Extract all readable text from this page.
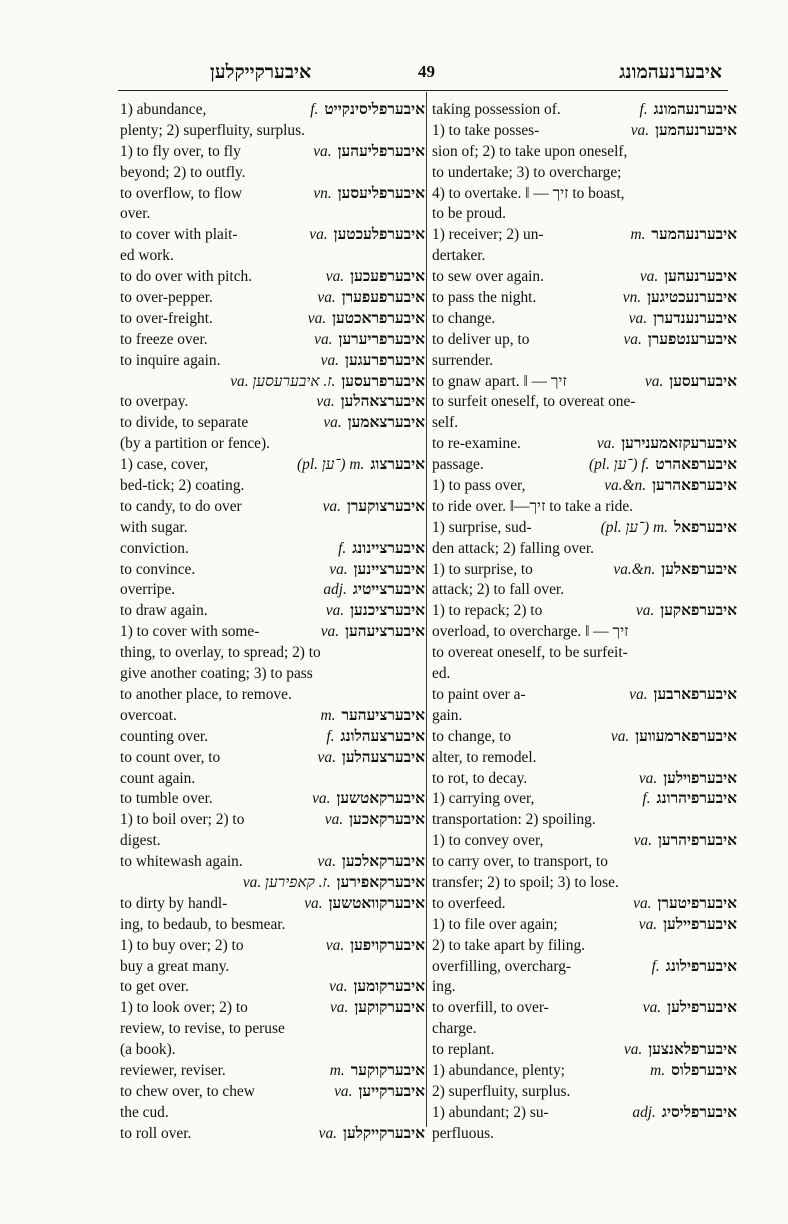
איבערקייקלען	49	איבערנעהמונג
1) abundance,	f. איבערפליסינקייט
plenty; 2) superfluity, surplus.
1) to fly over, to fly	va. איבערפליעהען
beyond; 2) to outfly.
to overflow, to flow	vn. איבערפליעסען
over.
to cover with plait-	va. איבערפלעכטען
ed work.
to do over with pitch.	va. איבערפעכען
to over-pepper.	va. איבערפעפערן
to over-freight.	va. איבערפראכטען
to freeze over.	va. איבערפריערען
to inquire again.	va. איבערפרעגען
va. ז. איבערעסען. איבערפרעסען
to overpay.	va. איבערצאהלען
to divide, to separate	va. איבערצאמען
(by a partition or fence).
1) case, cover,	(pl. ־ען) m. איבערצוג
bed-tick; 2) coating.
to candy, to do over	va. איבערצוקערן
with sugar.
conviction.	f. איבערציינונג
to convince.	va. איבערציינען
overripe.	adj. איבערצייטיג
to draw again.	va. איבערציכנען
1) to cover with some-	va. איבערציעהען
thing, to overlay, to spread; 2) to
give another coating; 3) to pass
to another place, to remove.
overcoat.	m. איבערציעהער
counting over.	f. איבערצעהלונג
to count over, to	va. איבערצעהלען
count again.
to tumble over.	va. איבערקאטשען
1) to boil over; 2) to	va. איבערקאכען
digest.
to whitewash again.	va. איבערקאלכען
va. ז. קאפירען. איבערקאפירען
to dirty by handl-	va. איבערקוואטשען
ing, to bedaub, to besmear.
1) to buy over; 2) to	va. איבערקויפען
buy a great many.
to get over.	va. איבערקומען
1) to look over; 2) to	va. איבערקוקען
review, to revise, to peruse
(a book).
reviewer, reviser.	m. איבערקוקער
to chew over, to chew	va. איבערקייען
the cud.
to roll over.	va. איבערקייקלען
taking possession of.	f. איבערנעהמונג
1) to take posses-	va. איבערנעהמען
sion of; 2) to take upon oneself,
to undertake; 3) to overcharge;
4) to overtake. ‖ — זיך to boast,
to be proud.
1) receiver; 2) un-	m. איבערנעהמער
dertaker.
to sew over again.	va. איבערנעהען
to pass the night.	vn. איבערנעכטיגען
to change.	va. איבערנענדערן
to deliver up, to	va. איבערענטפערן
surrender.
to gnaw apart. ‖ — זיך	va. איבערעסען
to surfeit oneself, to overeat one-
self.
to re-examine.	va. איבערעקזאמענירען
passage.	(pl. ־ען) f. איבערפאהרט
1) to pass over,	va.&n. איבערפאהרען
to ride over. ‖—זיך to take a ride.
1) surprise, sud-	(pl. ־ען) m. איבערפאל
den attack; 2) falling over.
1) to surprise, to	va.&n. איבערפאלען
attack; 2) to fall over.
1) to repack; 2) to	va. איבערפאקען
overload, to overcharge. ‖ — זיך
to overeat oneself, to be surfeit-
ed.
to paint over a-	va. איבערפארבען
gain.
to change, to	va. איבערפארמעווען
alter, to remodel.
to rot, to decay.	va. איבערפוילען
1) carrying over,	f. איבערפיהרונג
transportation: 2) spoiling.
1) to convey over,	va. איבערפיהרען
to carry over, to transport, to
transfer; 2) to spoil; 3) to lose.
to overfeed.	va. איבערפיטערן
1) to file over again;	va. איבערפיילען
2) to take apart by filing.
overfilling, overcharg-	f. איבערפילונג
ing.
to overfill, to over-	va. איבערפילען
charge.
to replant.	va. איבערפלאנצען
1) abundance, plenty;	m. איבערפלוס
2) superfluity, surplus.
1) abundant; 2) su-	adj. איבערפליסיג
perfluous.
